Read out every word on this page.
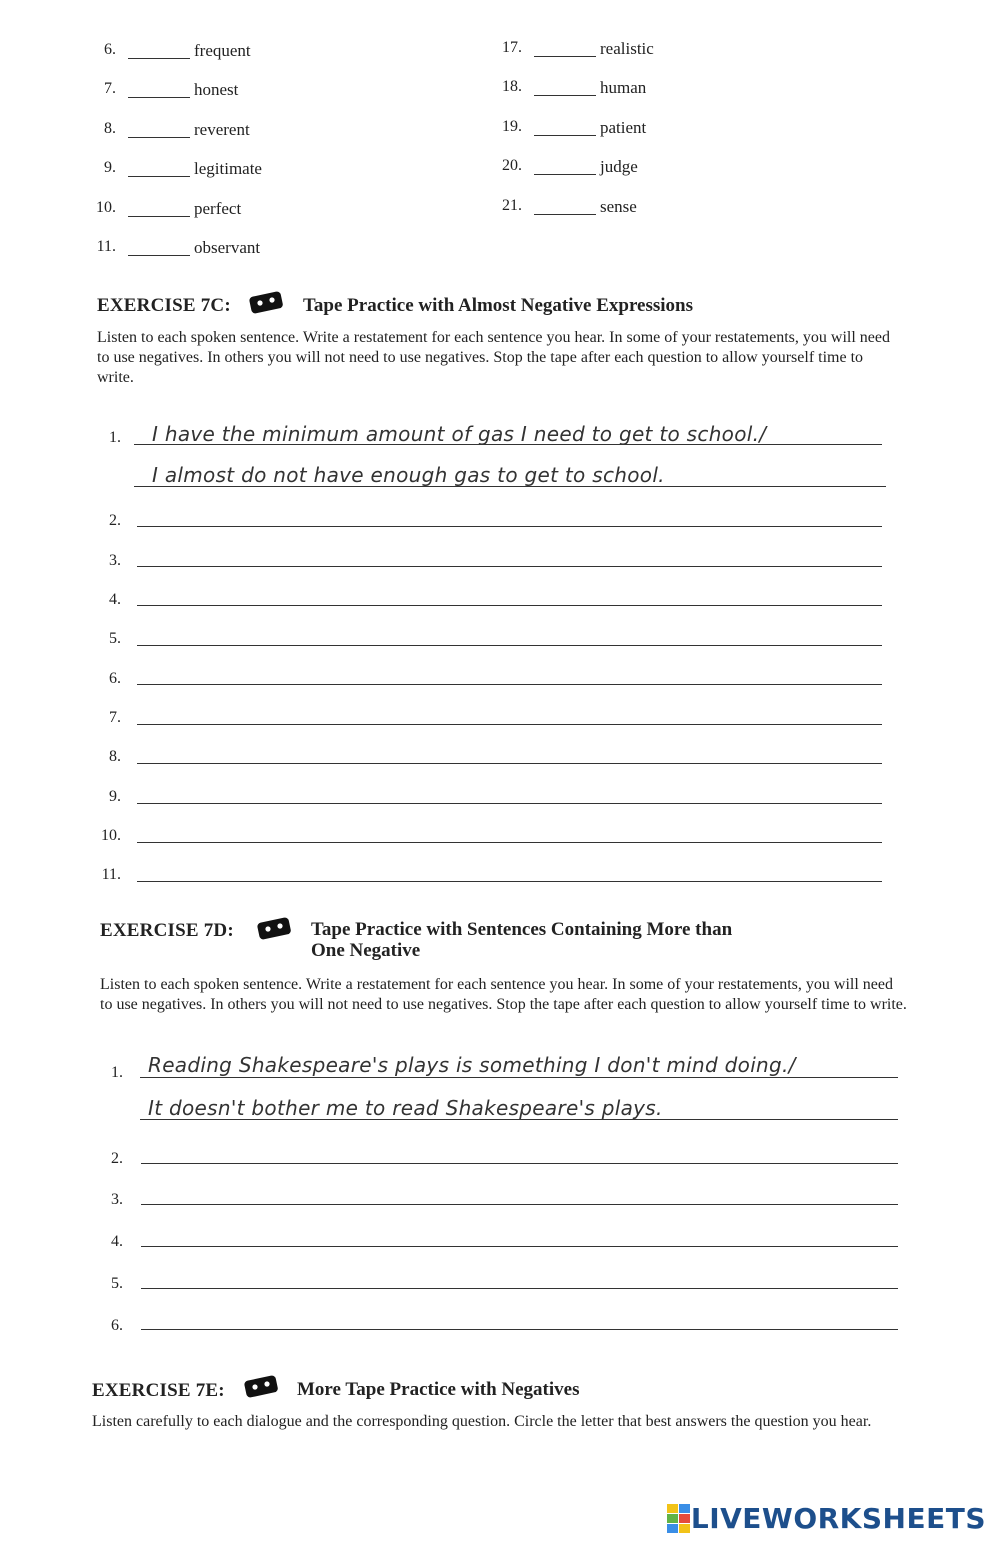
6.	frequent
7.	honest
8.	reverent
9.	legitimate
10.	perfect
11.	observant
17.	realistic
18.	human
19.	patient
20.	judge
21.	sense
EXERCISE 7C:	Tape Practice with Almost Negative Expressions
Listen to each spoken sentence. Write a restatement for each sentence you hear. In some of your restatements, you will need to use negatives. In others you will not need to use negatives. Stop the tape after each question to allow yourself time to write.
1. I have the minimum amount of gas I need to get to school./
I almost do not have enough gas to get to school.
2.
3.
4.
5.
6.
7.
8.
9.
10.
11.
EXERCISE 7D:	Tape Practice with Sentences Containing More than
One Negative
Listen to each spoken sentence. Write a restatement for each sentence you hear. In some of your restatements, you will need to use negatives. In others you will not need to use negatives. Stop the tape after each question to allow yourself time to write.
1. Reading Shakespeare's plays is something I don't mind doing./
It doesn't bother me to read Shakespeare's plays.
2.
3.
4.
5.
6.
EXERCISE 7E:	More Tape Practice with Negatives
Listen carefully to each dialogue and the corresponding question. Circle the letter that best answers the question you hear.
LIVEWORKSHEETS
